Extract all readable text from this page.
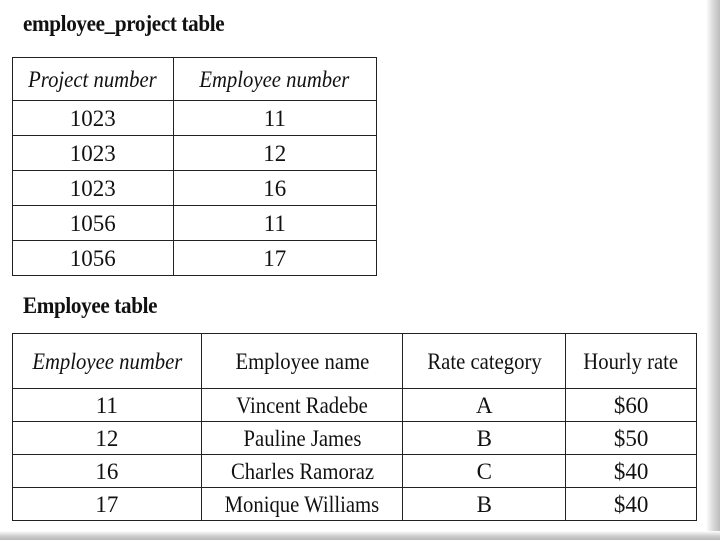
employee_project table
Project number	Employee number
1023	11
1023	12
1023	16
1056	11
1056	17
Employee table
Employee number	Employee name	Rate category	Hourly rate
11	Vincent Radebe	A	$60
12	Pauline James	B	$50
16	Charles Ramoraz	C	$40
17	Monique Williams	B	$40
